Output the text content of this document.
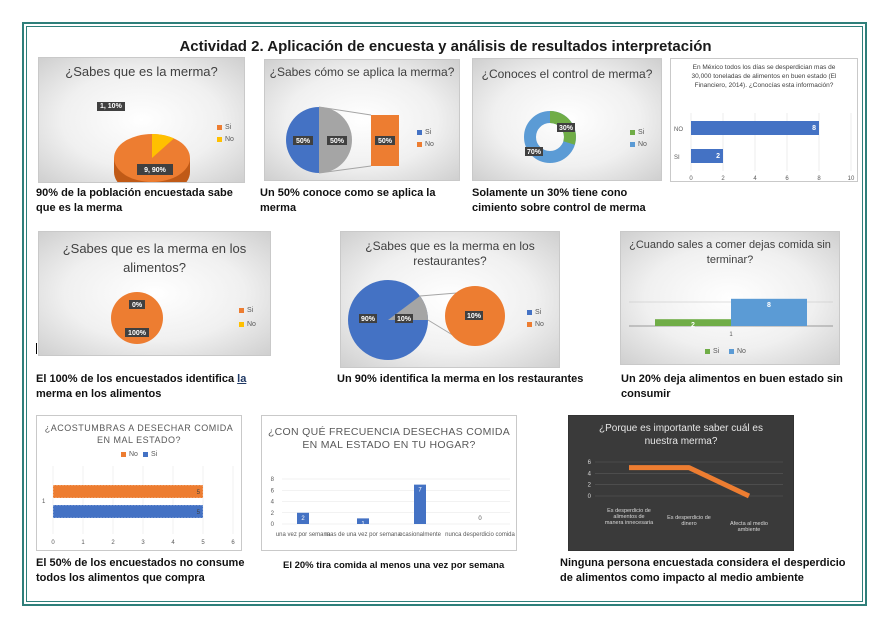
Actividad 2. Aplicación de encuesta y análisis de resultados interpretación

¿Sabes que es la merma?

9, 90%
1, 10%
Si
No

90% de la población encuestada sabe que es la merma

¿Sabes cómo se aplica la merma?

50%	50%	50%
Si
No

Un 50% conoce como se aplica la merma

¿Conoces el control de merma?

30%
70%
Si
No

Solamente un 30% tiene cono cimiento sobre control de merma

En México todos los días se desperdician mas de 30,000 toneladas de alimentos en buen estado (El Financiero, 2014). ¿Conocías esta información?

8
2
NO
SI
0	2	4	6	8	10

¿Sabes que es la merma en los alimentos?

0%
100%
Si
No

El 100% de los encuestados identifica la merma en los alimentos

¿Sabes que es la merma en los restaurantes?

90%	10%	10%
Si
No

Un 90% identifica la merma en los restaurantes

¿Cuando sales a comer dejas comida sin terminar?

2
8
1
Si	No

Un 20% deja alimentos en buen estado sin consumir

¿ACOSTUMBRAS A DESECHAR COMIDA EN MAL ESTADO?

No	Si
5
5
1
0	1	2	3	4	5	6

El 50% de los encuestados no consume todos los alimentos que compra

¿CON QUÉ FRECUENCIA DESECHAS COMIDA EN MAL ESTADO EN TU HOGAR?

2
1
7
0
0
2
4
6
8
una vez por semana
mas de una vez por semana
ocasionalmente nunca desperdicio comida

El 20% tira comida al menos una vez por semana

¿Porque es importante saber cuál es nuestra merma?

0
2
4
6
Es desperdicio de alimentos de manera innecesaria
Es desperdicio de dinero	Afecta al medio ambiente

Ninguna persona encuestada considera el desperdicio de alimentos como impacto al medio ambiente
